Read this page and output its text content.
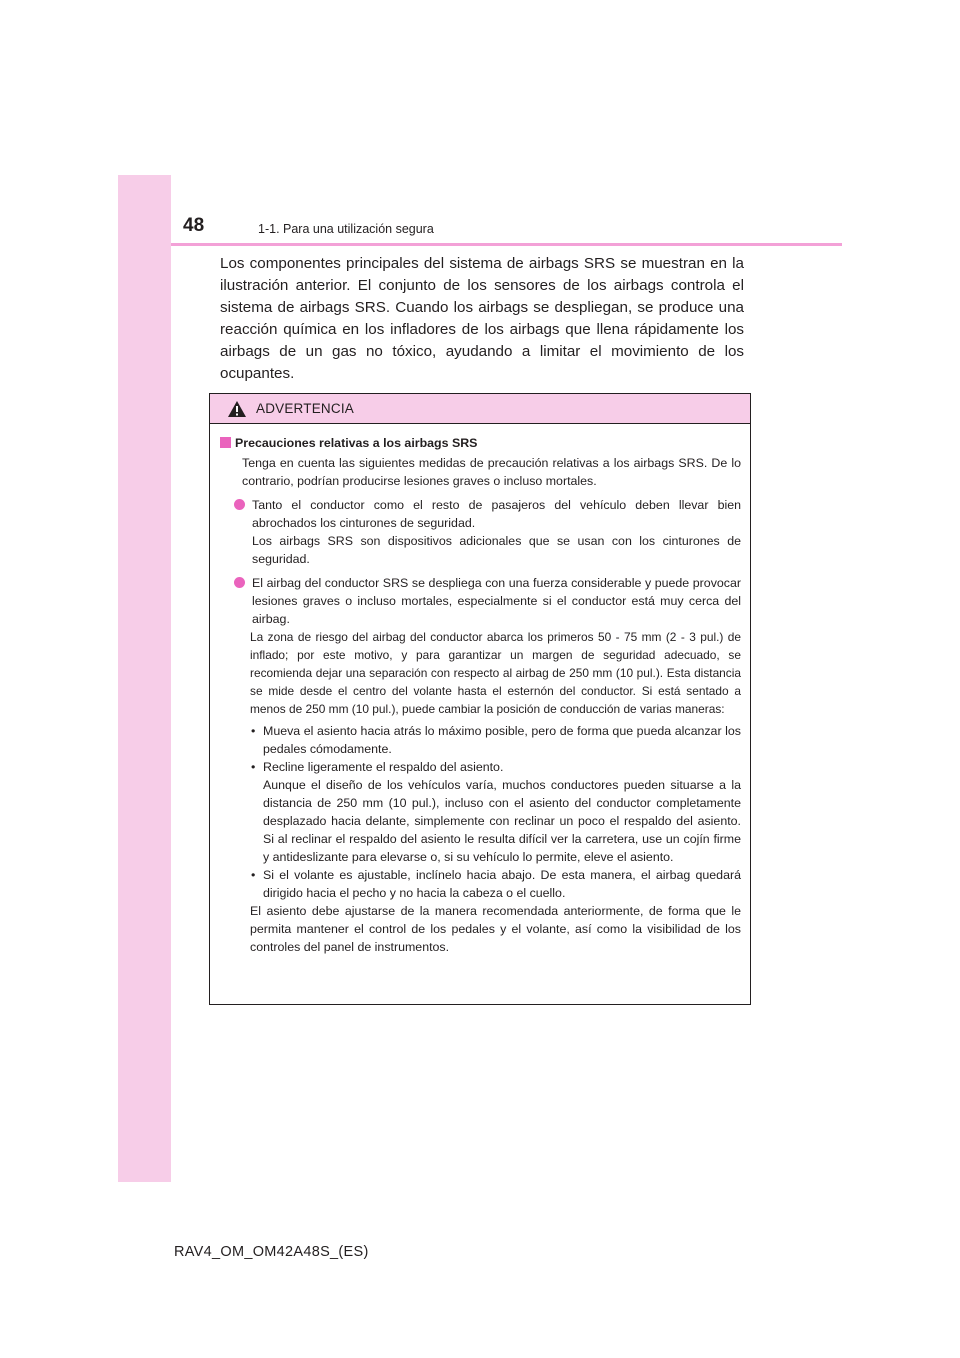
48	1-1. Para una utilización segura

Los componentes principales del sistema de airbags SRS se muestran en la ilustración anterior. El conjunto de los sensores de los airbags controla el sistema de airbags SRS. Cuando los airbags se despliegan, se produce una reacción química en los infladores de los airbags que llena rápidamente los airbags de un gas no tóxico, ayudando a limitar el movimiento de los ocupantes.

ADVERTENCIA
Precauciones relativas a los airbags SRS

Tenga en cuenta las siguientes medidas de precaución relativas a los airbags SRS. De lo contrario, podrían producirse lesiones graves o incluso mortales.

Tanto el conductor como el resto de pasajeros del vehículo deben llevar bien abrochados los cinturones de seguridad.

Los airbags SRS son dispositivos adicionales que se usan con los cinturones de seguridad.

El airbag del conductor SRS se despliega con una fuerza considerable y puede provocar lesiones graves o incluso mortales, especialmente si el conductor está muy cerca del airbag.

La zona de riesgo del airbag del conductor abarca los primeros 50 - 75 mm (2 - 3 pul.) de inflado; por este motivo, y para garantizar un margen de seguridad adecuado, se recomienda dejar una separación con respecto al airbag de 250 mm (10 pul.). Esta distancia se mide desde el centro del volante hasta el esternón del conductor. Si está sentado a menos de 250 mm (10 pul.), puede cambiar la posición de conducción de varias maneras:

• Mueva el asiento hacia atrás lo máximo posible, pero de forma que pueda alcanzar los pedales cómodamente.
• Recline ligeramente el respaldo del asiento.
Aunque el diseño de los vehículos varía, muchos conductores pueden situarse a la distancia de 250 mm (10 pul.), incluso con el asiento del conductor completamente desplazado hacia delante, simplemente con reclinar un poco el respaldo del asiento. Si al reclinar el respaldo del asiento le resulta difícil ver la carretera, use un cojín firme y antideslizante para elevarse o, si su vehículo lo permite, eleve el asiento.
• Si el volante es ajustable, inclínelo hacia abajo. De esta manera, el airbag quedará dirigido hacia el pecho y no hacia la cabeza o el cuello.

El asiento debe ajustarse de la manera recomendada anteriormente, de forma que le permita mantener el control de los pedales y el volante, así como la visibilidad de los controles del panel de instrumentos.

RAV4_OM_OM42A48S_(ES)
